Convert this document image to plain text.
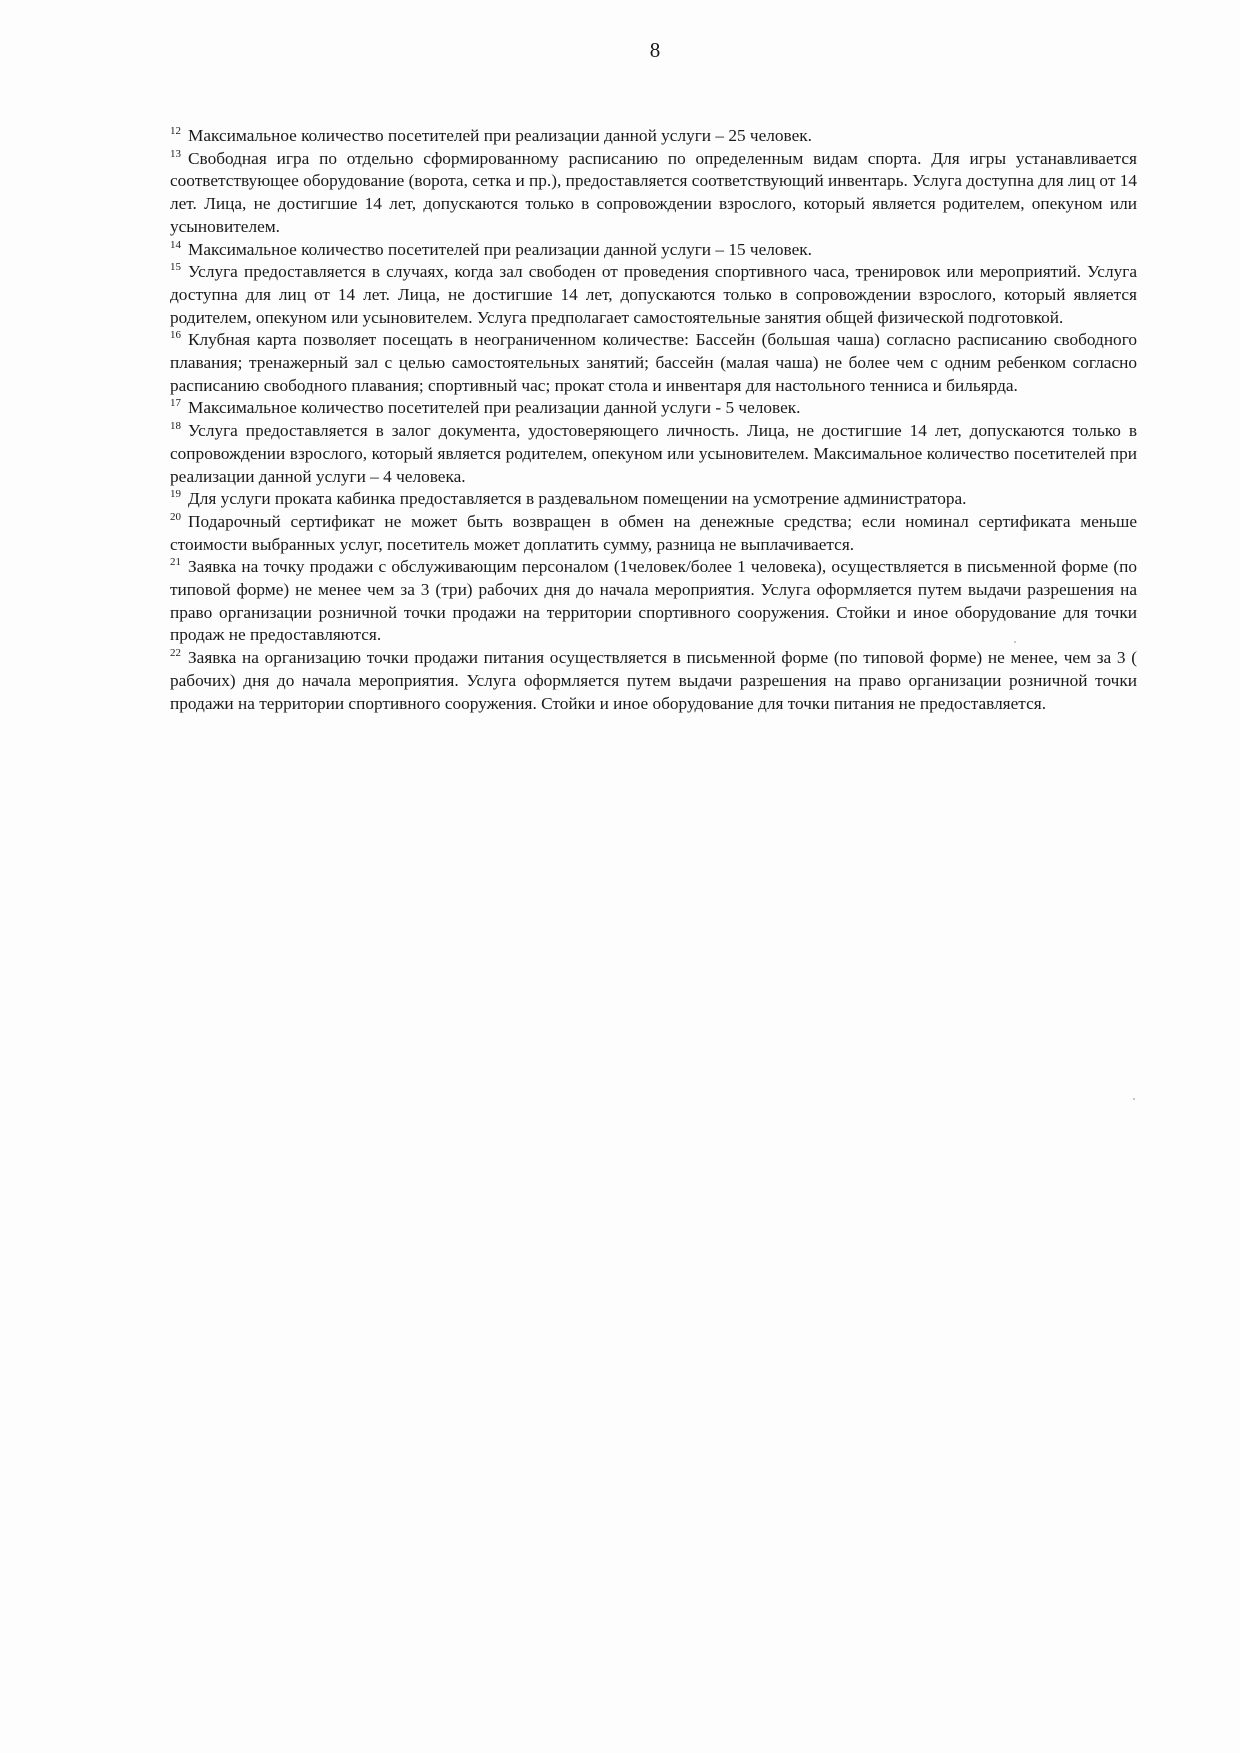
8

$^{12}$ Максимальное количество посетителей при реализации данной услуги – 25 человек.

$^{13}$ Свободная игра по отдельно сформированному расписанию по определенным видам спорта. Для игры устанавливается соответствующее оборудование (ворота, сетка и пр.), предоставляется соответствующий инвентарь. Услуга доступна для лиц от 14 лет. Лица, не достигшие 14 лет, допускаются только в сопровождении взрослого, который является родителем, опекуном или усыновителем.

$^{14}$ Максимальное количество посетителей при реализации данной услуги – 15 человек.

$^{15}$ Услуга предоставляется в случаях, когда зал свободен от проведения спортивного часа, тренировок или мероприятий. Услуга доступна для лиц от 14 лет. Лица, не достигшие 14 лет, допускаются только в сопровождении взрослого, который является родителем, опекуном или усыновителем. Услуга предполагает самостоятельные занятия общей физической подготовкой.

$^{16}$ Клубная карта позволяет посещать в неограниченном количестве: Бассейн (большая чаша) согласно расписанию свободного плавания; тренажерный зал с целью самостоятельных занятий; бассейн (малая чаша) не более чем с одним ребенком согласно расписанию свободного плавания; спортивный час; прокат стола и инвентаря для настольного тенниса и бильярда.

$^{17}$ Максимальное количество посетителей при реализации данной услуги - 5 человек.

$^{18}$ Услуга предоставляется в залог документа, удостоверяющего личность. Лица, не достигшие 14 лет, допускаются только в сопровождении взрослого, который является родителем, опекуном или усыновителем. Максимальное количество посетителей при реализации данной услуги – 4 человека.

$^{19}$ Для услуги проката кабинка предоставляется в раздевальном помещении на усмотрение администратора.

$^{20}$ Подарочный сертификат не может быть возвращен в обмен на денежные средства; если номинал сертификата меньше стоимости выбранных услуг, посетитель может доплатить сумму, разница не выплачивается.

$^{21}$ Заявка на точку продажи с обслуживающим персоналом (1человек/более 1 человека), осуществляется в письменной форме (по типовой форме) не менее чем за 3 (три) рабочих дня до начала мероприятия. Услуга оформляется путем выдачи разрешения на право организации розничной точки продажи на территории спортивного сооружения. Стойки и иное оборудование для точки продаж не предоставляются.

$^{22}$ Заявка на организацию точки продажи питания осуществляется в письменной форме (по типовой форме) не менее, чем за 3 ( рабочих) дня до начала мероприятия. Услуга оформляется путем выдачи разрешения на право организации розничной точки продажи на территории спортивного сооружения. Стойки и иное оборудование для точки питания не предоставляется.
